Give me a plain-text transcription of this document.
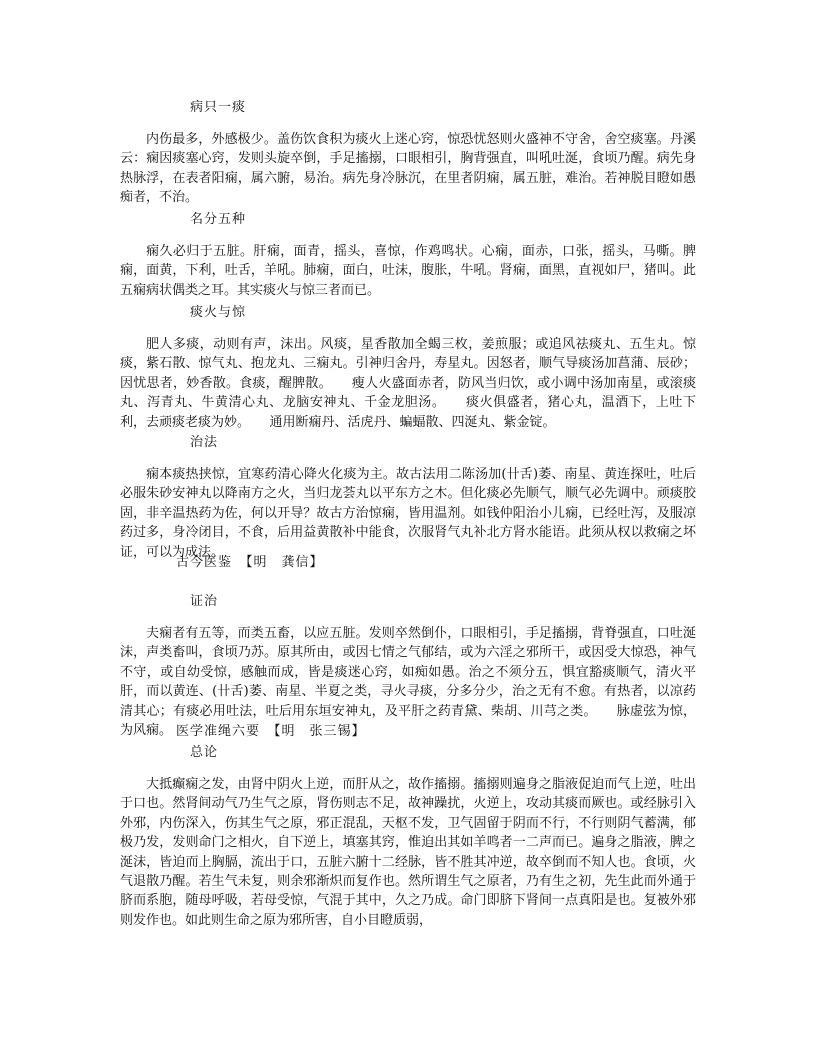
病只一痰
内伤最多，外感极少。盖伤饮食积为痰火上迷心窍，惊恐忧怒则火盛神不守舍，舍空痰塞。丹溪云：痫因痰塞心窍，发则头旋卒倒，手足搐搦，口眼相引，胸背强直，叫吼吐涎，食顷乃醒。病先身热脉浮，在表者阳痫，属六腑，易治。病先身冷脉沉，在里者阴痫，属五脏，难治。若神脱目瞪如愚痴者，不治。
名分五种
痫久必归于五脏。肝痫，面青，摇头，喜惊，作鸡鸣状。心痫，面赤，口张，摇头，马嘶。脾痫，面黄，下利，吐舌，羊吼。肺痫，面白，吐沫，腹胀，牛吼。肾痫，面黑，直视如尸，猪叫。此五痫病状偶类之耳。其实痰火与惊三者而已。
痰火与惊
肥人多痰，动则有声，沫出。风痰，星香散加全蝎三枚，姜煎服；或追风祛痰丸、五生丸。惊痰，紫石散、惊气丸、抱龙丸、三痫丸。引神归舍丹，寿星丸。因怒者，顺气导痰汤加菖蒲、辰砂；因忧思者，妙香散。食痰，醒脾散。　　瘦人火盛面赤者，防风当归饮，或小调中汤加南星，或滚痰丸、泻青丸、牛黄清心丸、龙脑安神丸、千金龙胆汤。　　痰火俱盛者，猪心丸，温酒下，上吐下利，去顽痰老痰为妙。　　通用断痫丹、活虎丹、蝙蝠散、四涎丸、紫金锭。
治法
痫本痰热挟惊，宜寒药清心降火化痰为主。故古法用二陈汤加(卄舌)萎、南星、黄连探吐，吐后必服朱砂安神丸以降南方之火，当归龙荟丸以平东方之木。但化痰必先顺气，顺气必先调中。顽痰胶固，非辛温热药为佐，何以开导？故古方治惊痫，皆用温剂。如钱仲阳治小儿痫，已经吐泻，及服凉药过多，身冷闭目，不食，后用益黄散补中能食，次服肾气丸补北方肾水能语。此须从权以救痫之坏证，可以为成法。
古今医鉴　【明　龚信】
证治
夫痫者有五等，而类五畜，以应五脏。发则卒然倒仆，口眼相引，手足搐搦，背脊强直，口吐涎沫，声类畜叫，食顷乃苏。原其所由，或因七情之气郁结，或为六淫之邪所干，或因受大惊恐，神气不守，或自幼受惊，感触而成，皆是痰迷心窍，如痴如愚。治之不须分五，惧宜豁痰顺气，清火平肝，而以黄连、(卄舌)萎、南星、半夏之类，寻火寻痰，分多分少，治之无有不愈。有热者，以凉药清其心；有痰必用吐法，吐后用东垣安神丸，及平肝之药青黛、柴胡、川芎之类。　　脉虚弦为惊，为风痫。 医学准绳六要　【明　张三锡】
总论
大抵癫痫之发，由肾中阴火上逆，而肝从之，故作搐搦。搐搦则遍身之脂液促迫而气上逆，吐出于口也。然肾间动气乃生气之原，肾伤则志不足，故神躁扰，火逆上，攻动其痰而厥也。或经脉引入外邪，内伤深入，伤其生气之原，邪正混乱，天枢不发，卫气固留于阴而不行，不行则阴气蓄满，郁极乃发，发则命门之相火，自下逆上，填塞其窍，惟迫出其如羊鸣者一二声而已。遍身之脂液，脾之涎沫，皆迫而上胸膈，流出于口，五脏六腑十二经脉，皆不胜其冲逆，故卒倒而不知人也。食顷，火气退散乃醒。若生气未复，则余邪渐炽而复作也。然所谓生气之原者，乃有生之初，先生此而外通于脐而系胞，随母呼吸，若母受惊，气混于其中，久之乃成。命门即脐下肾间一点真阳是也。复被外邪则发作也。如此则生命之原为邪所害，自小目瞪质弱，
